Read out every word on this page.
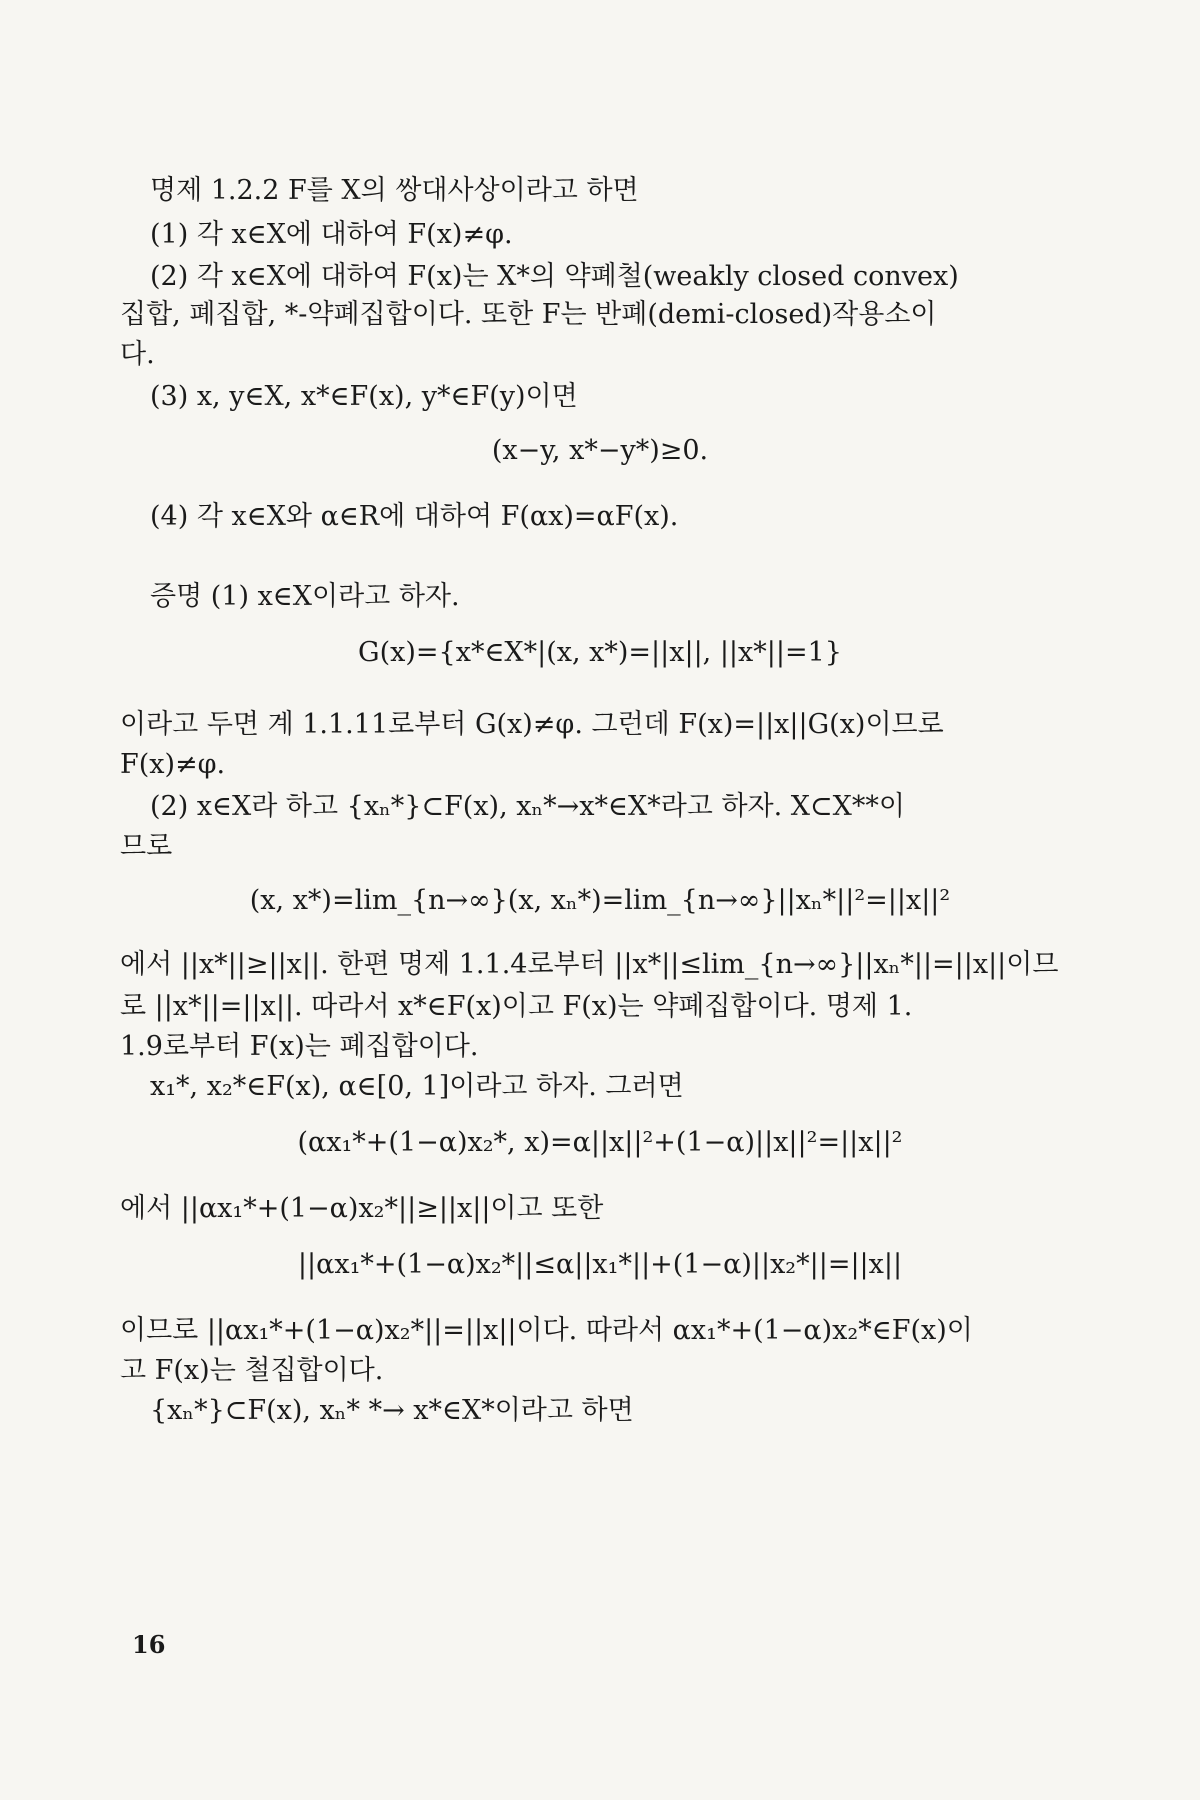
명제 1.2.2 F를 X의 쌍대사상이라고 하면
(1) 각 x∈X에 대하여 F(x)≠φ.
(2) 각 x∈X에 대하여 F(x)는 X*의 약폐철(weakly closed convex)
집합, 폐집합, *-약폐집합이다. 또한 F는 반폐(demi-closed)작용소이
다.
(3) x, y∈X, x*∈F(x), y*∈F(y)이면
(x−y, x*−y*)≥0.
(4) 각 x∈X와 α∈R에 대하여 F(αx)=αF(x).
증명 (1) x∈X이라고 하자.
G(x)={x*∈X*|(x, x*)=||x||, ||x*||=1}
이라고 두면 계 1.1.11로부터 G(x)≠φ. 그런데 F(x)=||x||G(x)이므로
F(x)≠φ.
(2) x∈X라 하고 {xₙ*}⊂F(x), xₙ*→x*∈X*라고 하자. X⊂X**이
므로
(x, x*)=lim_{n→∞}(x, xₙ*)=lim_{n→∞}||xₙ*||²=||x||²
에서 ||x*||≥||x||. 한편 명제 1.1.4로부터 ||x*||≤lim_{n→∞}||xₙ*||=||x||이므
로 ||x*||=||x||. 따라서 x*∈F(x)이고 F(x)는 약폐집합이다. 명제 1.
1.9로부터 F(x)는 폐집합이다.
x₁*, x₂*∈F(x), α∈[0, 1]이라고 하자. 그러면
(αx₁*+(1−α)x₂*, x)=α||x||²+(1−α)||x||²=||x||²
에서 ||αx₁*+(1−α)x₂*||≥||x||이고 또한
||αx₁*+(1−α)x₂*||≤α||x₁*||+(1−α)||x₂*||=||x||
이므로 ||αx₁*+(1−α)x₂*||=||x||이다. 따라서 αx₁*+(1−α)x₂*∈F(x)이
고 F(x)는 철집합이다.
{xₙ*}⊂F(x), xₙ* *→ x*∈X*이라고 하면
16
